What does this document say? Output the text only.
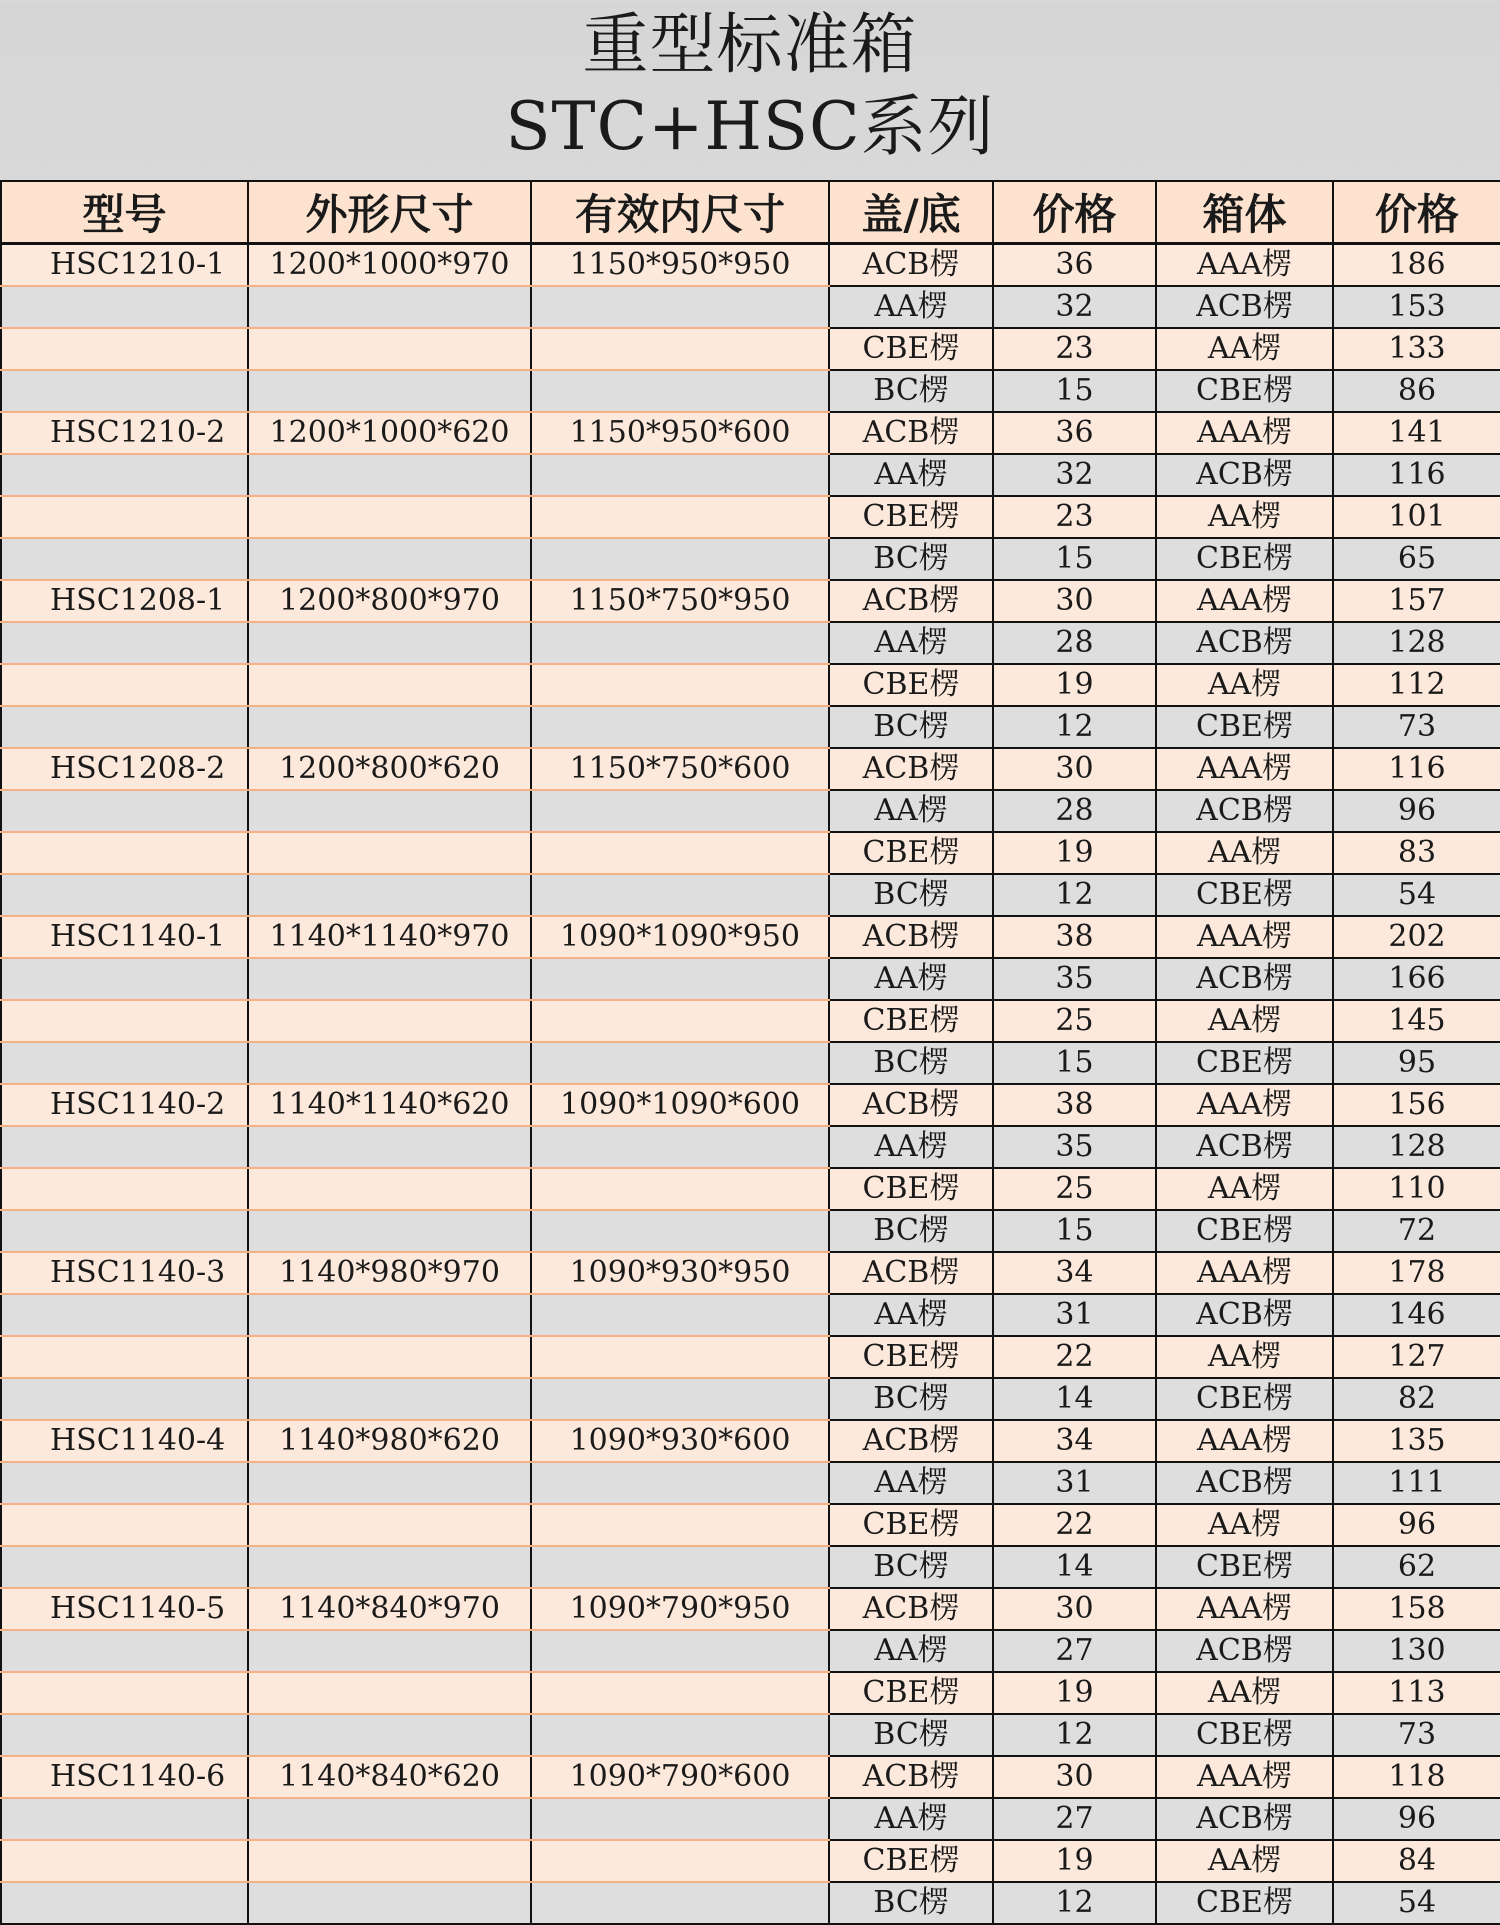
重型标准箱
STC+HSC系列
型号	外形尺寸	有效内尺寸	盖/底	价格	箱体	价格
HSC1210-1	1200*1000*970	1150*950*950	ACB楞	36	AAA楞	186
			AA楞	32	ACB楞	153
			CBE楞	23	AA楞	133
			BC楞	15	CBE楞	86
HSC1210-2	1200*1000*620	1150*950*600	ACB楞	36	AAA楞	141
			AA楞	32	ACB楞	116
			CBE楞	23	AA楞	101
			BC楞	15	CBE楞	65
HSC1208-1	1200*800*970	1150*750*950	ACB楞	30	AAA楞	157
			AA楞	28	ACB楞	128
			CBE楞	19	AA楞	112
			BC楞	12	CBE楞	73
HSC1208-2	1200*800*620	1150*750*600	ACB楞	30	AAA楞	116
			AA楞	28	ACB楞	96
			CBE楞	19	AA楞	83
			BC楞	12	CBE楞	54
HSC1140-1	1140*1140*970	1090*1090*950	ACB楞	38	AAA楞	202
			AA楞	35	ACB楞	166
			CBE楞	25	AA楞	145
			BC楞	15	CBE楞	95
HSC1140-2	1140*1140*620	1090*1090*600	ACB楞	38	AAA楞	156
			AA楞	35	ACB楞	128
			CBE楞	25	AA楞	110
			BC楞	15	CBE楞	72
HSC1140-3	1140*980*970	1090*930*950	ACB楞	34	AAA楞	178
			AA楞	31	ACB楞	146
			CBE楞	22	AA楞	127
			BC楞	14	CBE楞	82
HSC1140-4	1140*980*620	1090*930*600	ACB楞	34	AAA楞	135
			AA楞	31	ACB楞	111
			CBE楞	22	AA楞	96
			BC楞	14	CBE楞	62
HSC1140-5	1140*840*970	1090*790*950	ACB楞	30	AAA楞	158
			AA楞	27	ACB楞	130
			CBE楞	19	AA楞	113
			BC楞	12	CBE楞	73
HSC1140-6	1140*840*620	1090*790*600	ACB楞	30	AAA楞	118
			AA楞	27	ACB楞	96
			CBE楞	19	AA楞	84
			BC楞	12	CBE楞	54
